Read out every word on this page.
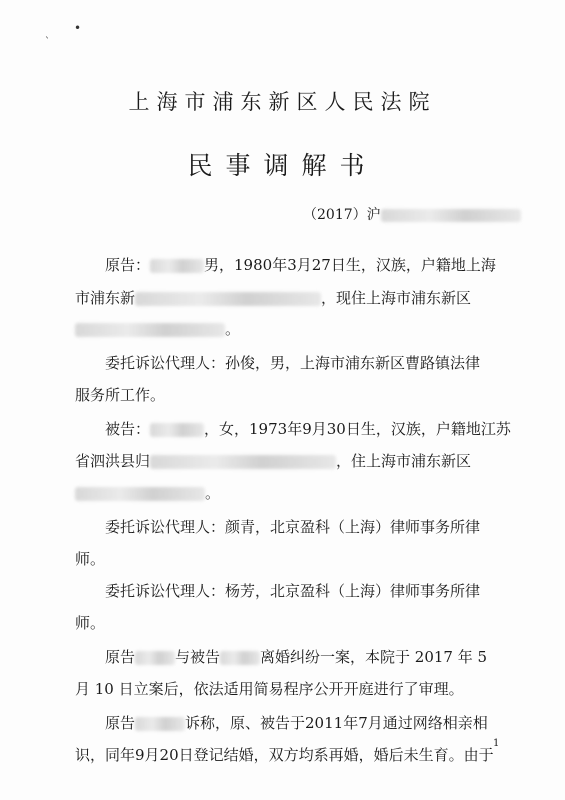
•
`
上海市浦东新区人民法院
民事调解书
（2017）沪
原告：	男，1980年3月27日生，汉族，户籍地上海
市浦东新	，现住上海市浦东新区
。
委托诉讼代理人：孙俊，男，上海市浦东新区曹路镇法律
服务所工作。
被告：	，女，1973年9月30日生，汉族，户籍地江苏
省泗洪县归	，住上海市浦东新区
。
委托诉讼代理人：颜青，北京盈科（上海）律师事务所律
师。
委托诉讼代理人：杨芳，北京盈科（上海）律师事务所律
师。
原告	与被告	离婚纠纷一案，本院于 2017 年 5
月 10 日立案后，依法适用简易程序公开开庭进行了审理。
原告	诉称，原、被告于2011年7月通过网络相亲相
识，同年9月20日登记结婚，双方均系再婚，婚后未生育。由于
1
